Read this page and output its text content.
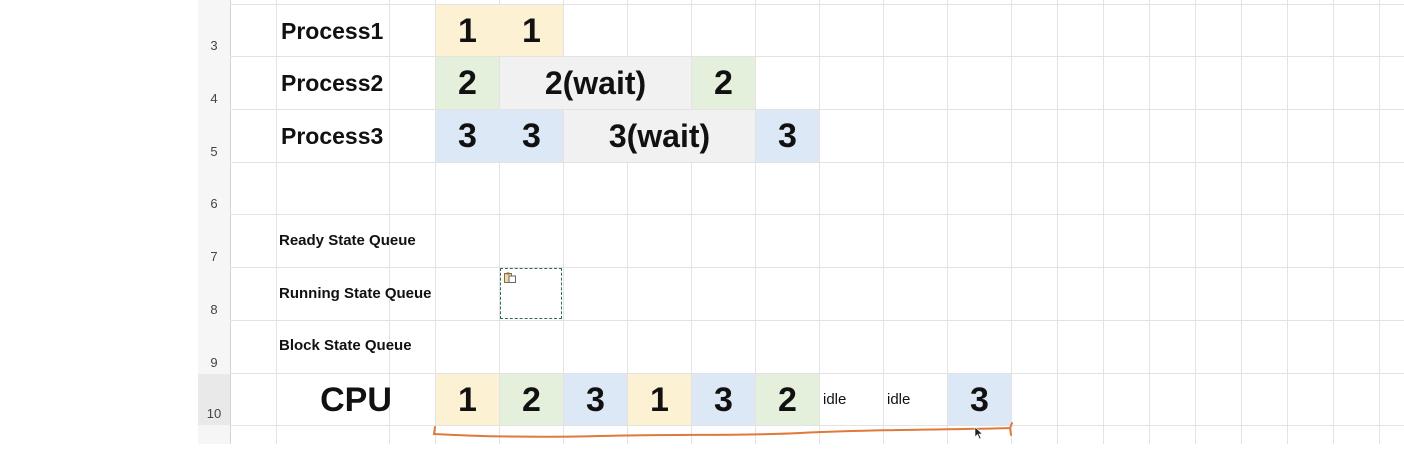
3
4
5
6
7
8
9
10
Process1	1	1
Process2	2	2(wait)	2
Process3	3	3	3(wait)	3
Ready State Queue
Running State Queue
Block State Queue
CPU	1	2	3	1	3	2	idle	idle	3
